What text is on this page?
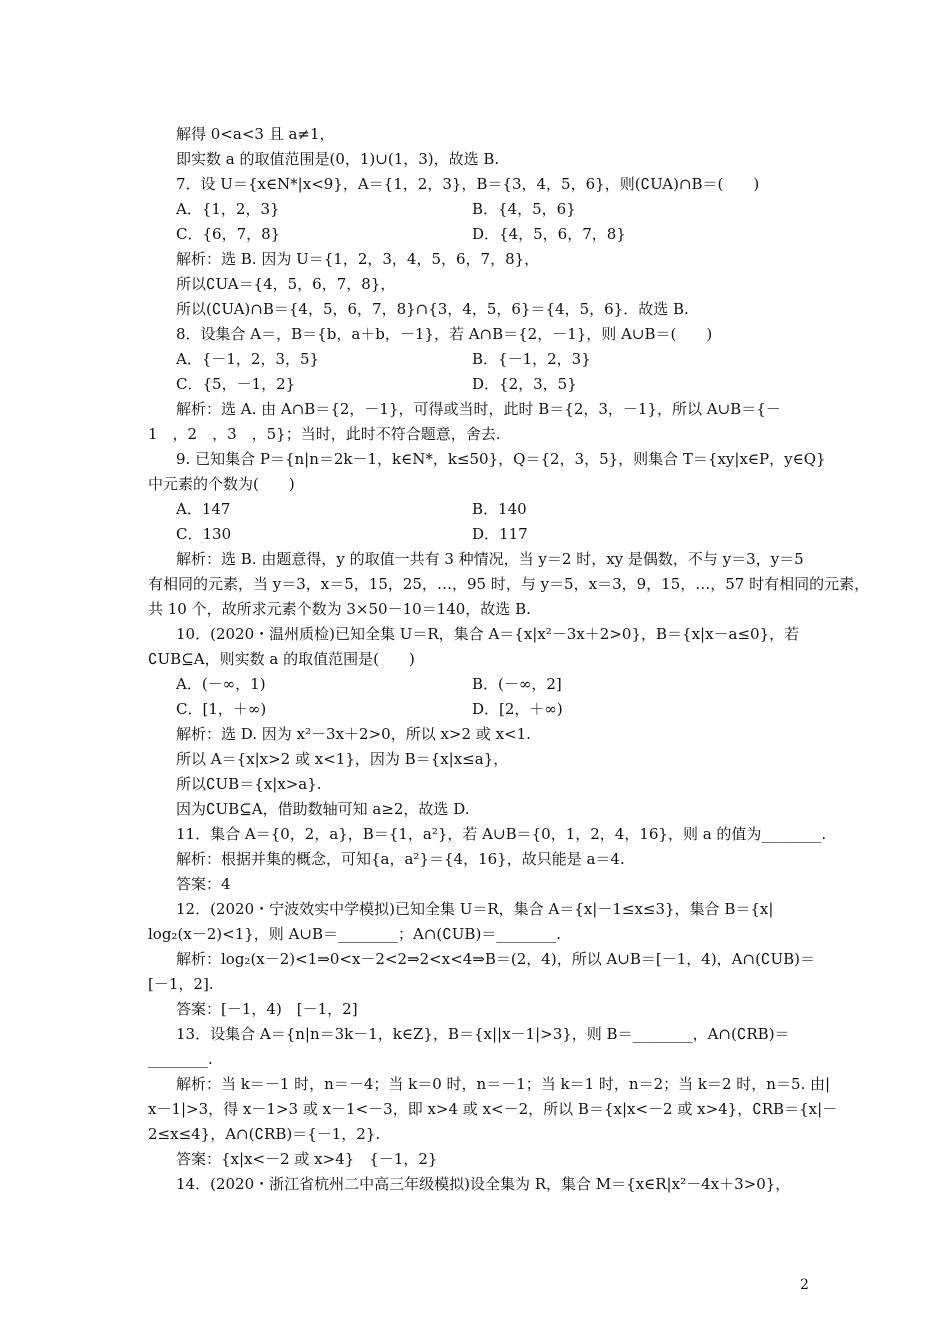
解得 0<a<3 且 a≠1，
即实数 a 的取值范围是(0，1)∪(1，3)，故选 B.
7．设 U＝{x∈N*|x<9}，A＝{1，2，3}，B＝{3，4，5，6}，则(∁UA)∩B＝(　　)
解析：选 B. 因为 U＝{1，2，3，4，5，6，7，8}，
所以∁UA＝{4，5，6，7，8}，
所以(∁UA)∩B＝{4，5，6，7，8}∩{3，4，5，6}＝{4，5，6}．故选 B.
8．设集合 A＝，B＝{b，a＋b，－1}，若 A∩B＝{2，－1}，则 A∪B＝(　　)
解析：选 A. 由 A∩B＝{2，－1}，可得或当时，此时 B＝{2，3，－1}，所以 A∪B＝{－
1　，2　，3　，5}；当时，此时不符合题意，舍去.
9. 已知集合 P＝{n|n＝2k－1，k∈N*，k≤50}，Q＝{2，3，5}，则集合 T＝{xy|x∈P，y∈Q}
中元素的个数为(　　)
解析：选 B. 由题意得，y 的取值一共有 3 种情况，当 y＝2 时，xy 是偶数，不与 y＝3，y＝5
有相同的元素，当 y＝3，x＝5，15，25，…，95 时，与 y＝5，x＝3，9，15，…，57 时有相同的元素，
共 10 个，故所求元素个数为 3×50－10＝140，故选 B.
10．(2020・温州质检)已知全集 U＝R，集合 A＝{x|x²－3x＋2>0}，B＝{x|x－a≤0}，若
∁UB⊆A，则实数 a 的取值范围是(　　)
解析：选 D. 因为 x²－3x＋2>0，所以 x>2 或 x<1.
所以 A＝{x|x>2 或 x<1}，因为 B＝{x|x≤a}，
所以∁UB＝{x|x>a}.
因为∁UB⊆A，借助数轴可知 a≥2，故选 D.
11．集合 A＝{0，2，a}，B＝{1，a²}，若 A∪B＝{0，1，2，4，16}，则 a 的值为________.
解析：根据并集的概念，可知{a，a²}＝{4，16}，故只能是 a＝4.
答案：4
12．(2020・宁波效实中学模拟)已知全集 U＝R，集合 A＝{x|－1≤x≤3}，集合 B＝{x|
log₂(x－2)<1}，则 A∪B＝________；A∩(∁UB)＝________.
解析：log₂(x－2)<1⇒0<x－2<2⇒2<x<4⇒B＝(2，4)，所以 A∪B＝[－1，4)，A∩(∁UB)＝
[－1，2].
答案：[－1，4)　[－1，2]
13．设集合 A＝{n|n＝3k－1，k∈Z}，B＝{x||x－1|>3}，则 B＝________，A∩(∁RB)＝
________.
解析：当 k＝－1 时，n＝－4；当 k＝0 时，n＝－1；当 k＝1 时，n＝2；当 k＝2 时，n＝5. 由|
x－1|>3，得 x－1>3 或 x－1<－3，即 x>4 或 x<－2，所以 B＝{x|x<－2 或 x>4}，∁RB＝{x|－
2≤x≤4}，A∩(∁RB)＝{－1，2}.
答案：{x|x<－2 或 x>4}　{－1，2}
14．(2020・浙江省杭州二中高三年级模拟)设全集为 R，集合 M＝{x∈R|x²－4x＋3>0}，
A．{1，2，3}	B．{4，5，6}
C．{6，7，8}	D．{4，5，6，7，8}
A．{－1，2，3，5}	B．{－1，2，3}
C．{5，－1，2}	D．{2，3，5}
A．147	B．140
C．130	D．117
A．(－∞，1)	B．(－∞，2]
C．[1，＋∞)	D．[2，＋∞)
2
